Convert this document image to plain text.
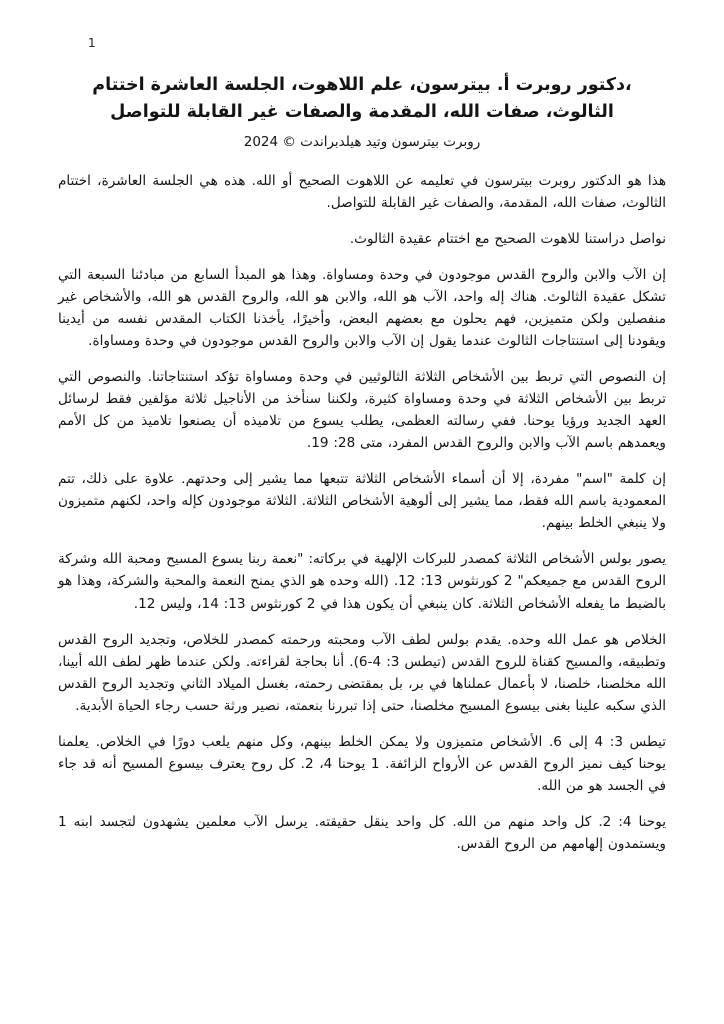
1
،دكتور روبرت أ. بيترسون، علم اللاهوت، الجلسة العاشرة اختتام الثالوث، صفات الله، المقدمة والصفات غير القابلة للتواصل
روبرت بيترسون وتيد هيلدبراندت © 2024

هذا هو الدكتور روبرت بيترسون في تعليمه عن اللاهوت الصحيح أو الله. هذه هي الجلسة العاشرة، اختتام الثالوث، صفات الله، المقدمة، والصفات غير القابلة للتواصل.

نواصل دراستنا للاهوت الصحيح مع اختتام عقيدة الثالوث.

إن الآب والابن والروح القدس موجودون في وحدة ومساواة. وهذا هو المبدأ السابع من مبادئنا السبعة التي تشكل عقيدة الثالوث. هناك إله واحد، الآب هو الله، والابن هو الله، والروح القدس هو الله، والأشخاص غير منفصلين ولكن متميزين، فهم يحلون مع بعضهم البعض، وأخيرًا، يأخذنا الكتاب المقدس نفسه من أيدينا ويقودنا إلى استنتاجات الثالوث عندما يقول إن الآب والابن والروح القدس موجودون في وحدة ومساواة.

إن النصوص التي تربط بين الأشخاص الثلاثة الثالوثيين في وحدة ومساواة تؤكد استنتاجاتنا. والنصوص التي تربط بين الأشخاص الثلاثة في وحدة ومساواة كثيرة، ولكننا سنأخذ من الأناجيل ثلاثة مؤلفين فقط لرسائل العهد الجديد ورؤيا يوحنا. ففي رسالته العظمى، يطلب يسوع من تلاميذه أن يصنعوا تلاميذ من كل الأمم ويعمدهم باسم الآب والابن والروح القدس المفرد، متى 28: 19.

إن كلمة "اسم" مفردة، إلا أن أسماء الأشخاص الثلاثة تتبعها مما يشير إلى وحدتهم. علاوة على ذلك، تتم المعمودية باسم الله فقط، مما يشير إلى ألوهية الأشخاص الثلاثة. الثلاثة موجودون كإله واحد، لكنهم متميزون ولا ينبغي الخلط بينهم.

يصور بولس الأشخاص الثلاثة كمصدر للبركات الإلهية في بركاته: "نعمة ربنا يسوع المسيح ومحبة الله وشركة الروح القدس مع جميعكم" 2 كورنثوس 13: 12. (الله وحده هو الذي يمنح النعمة والمحبة والشركة، وهذا هو بالضبط ما يفعله الأشخاص الثلاثة. كان ينبغي أن يكون هذا في 2 كورنثوس 13: 14، وليس 12.

الخلاص هو عمل الله وحده. يقدم بولس لطف الآب ومحبته ورحمته كمصدر للخلاص، وتجديد الروح القدس وتطبيقه، والمسيح كقناة للروح القدس (تيطس 3: 4-6). أنا بحاجة لقراءته. ولكن عندما ظهر لطف الله أبينا، الله مخلصنا، خلصنا، لا بأعمال عملناها في بر، بل بمقتضى رحمته، بغسل الميلاد الثاني وتجديد الروح القدس الذي سكبه علينا بغنى بيسوع المسيح مخلصنا، حتى إذا تبررنا بنعمته، نصير ورثة حسب رجاء الحياة الأبدية.

تيطس 3: 4 إلى 6. الأشخاص متميزون ولا يمكن الخلط بينهم، وكل منهم يلعب دورًا في الخلاص. يعلمنا يوحنا كيف نميز الروح القدس عن الأرواح الزائفة. 1 يوحنا 4، 2. كل روح يعترف بيسوع المسيح أنه قد جاء في الجسد هو من الله.

يوحنا 4: 2. كل واحد منهم من الله. كل واحد ينقل حقيقته. يرسل الآب معلمين يشهدون لتجسد ابنه 1 ويستمدون إلهامهم من الروح القدس.
